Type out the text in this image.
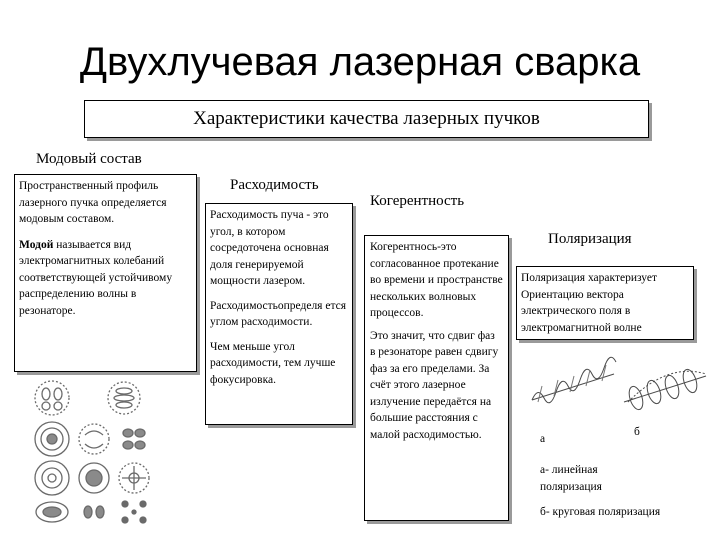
Двухлучевая лазерная сварка
Характеристики качества лазерных пучков
Модовый состав

Пространственный профиль лазерного пучка определяется модовым составом.

Модой называется вид электромагнитных колебаний соответствующей устойчивому распределению волны в резонаторе.

Расходимость

Расходимость пуча - это угол, в котором сосредоточена основная доля генерируемой мощности лазером.

Расходимостьопределя ется углом расходимости.

Чем меньше угол расходимости, тем лучше фокусировка.

Когерентность

Когерентнось-это согласованное протекание во времени и пространстве нескольких волновых процессов.

Это значит, что сдвиг фаз в резонаторе равен сдвигу фаз за его пределами. За счёт этого лазерное излучение передаётся на большие расстояния с малой расходимостью.

Поляризация

Поляризация характеризует Ориентацию вектора электрического поля в электромагнитной волне

а
б
а- линейная поляризация
б- круговая поляризация
